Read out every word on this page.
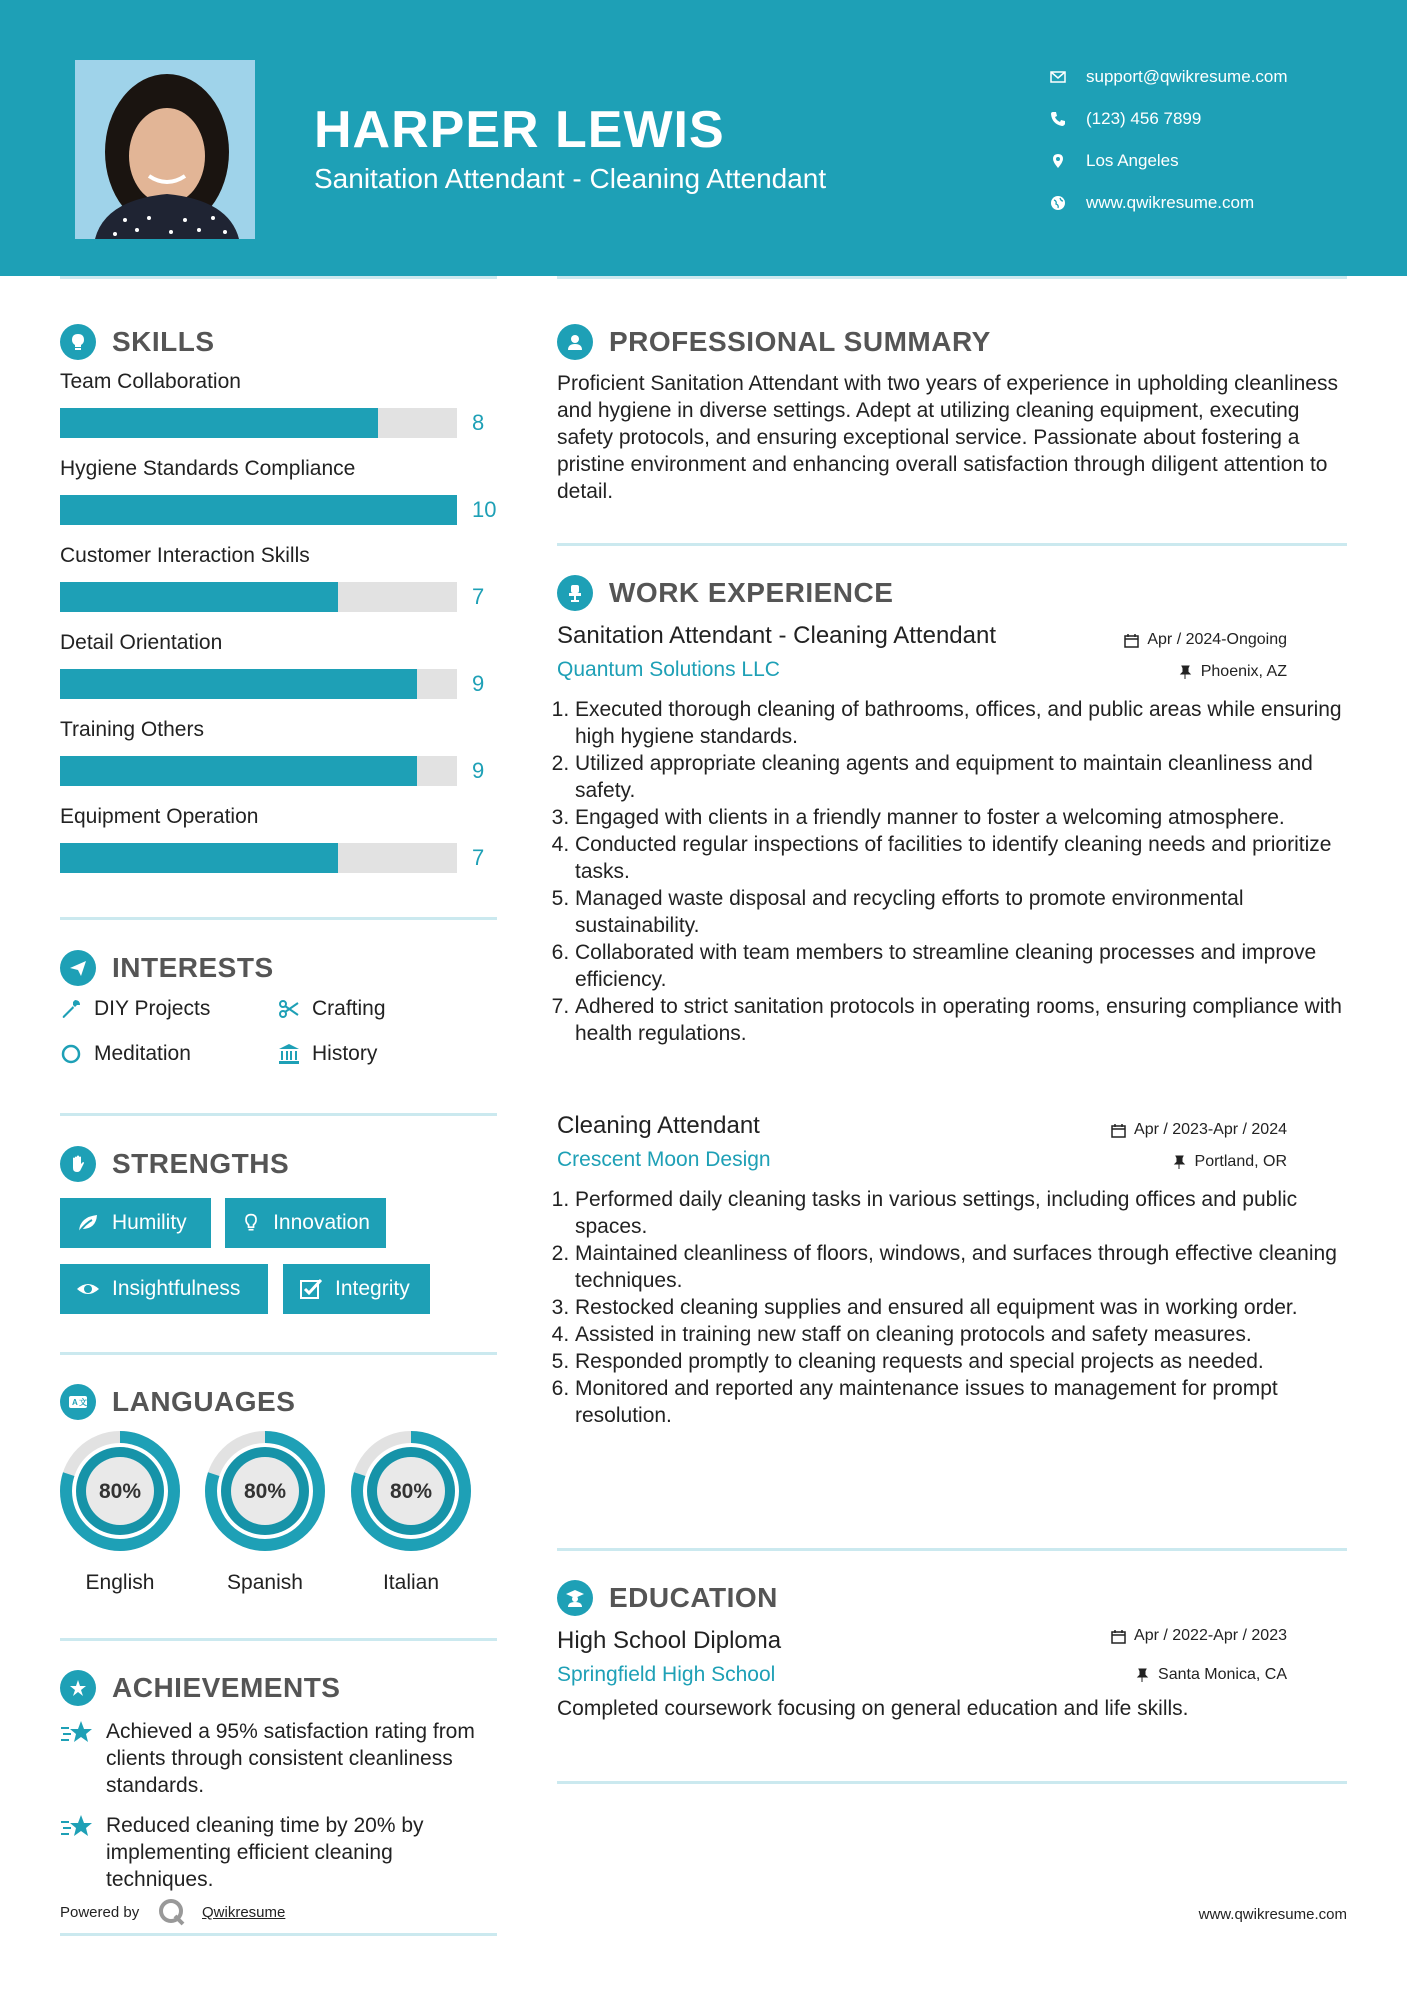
HARPER LEWIS
Sanitation Attendant - Cleaning Attendant
support@qwikresume.com
(123) 456 7899
Los Angeles
www.qwikresume.com
SKILLS
Team Collaboration
8
Hygiene Standards Compliance
10
Customer Interaction Skills
7
Detail Orientation
9
Training Others
9
Equipment Operation
7
INTERESTS
DIY Projects	Crafting
Meditation	History
STRENGTHS
Humility	Innovation
Insightfulness	Integrity
A 文 LANGUAGES
80%
English
80%
Spanish
80%
Italian
ACHIEVEMENTS
Achieved a 95% satisfaction rating from clients through consistent cleanliness standards.
Reduced cleaning time by 20% by implementing efficient cleaning techniques.
Powered by	Qwikresume
PROFESSIONAL SUMMARY
Proficient Sanitation Attendant with two years of experience in upholding cleanliness and hygiene in diverse settings. Adept at utilizing cleaning equipment, executing safety protocols, and ensuring exceptional service. Passionate about fostering a pristine environment and enhancing overall satisfaction through diligent attention to detail.
WORK EXPERIENCE
Sanitation Attendant - Cleaning Attendant	Apr / 2024-Ongoing
Quantum Solutions LLC	Phoenix, AZ
1. Executed thorough cleaning of bathrooms, offices, and public areas while ensuring high hygiene standards.
2. Utilized appropriate cleaning agents and equipment to maintain cleanliness and safety.
3. Engaged with clients in a friendly manner to foster a welcoming atmosphere.
4. Conducted regular inspections of facilities to identify cleaning needs and prioritize tasks.
5. Managed waste disposal and recycling efforts to promote environmental sustainability.
6. Collaborated with team members to streamline cleaning processes and improve efficiency.
7. Adhered to strict sanitation protocols in operating rooms, ensuring compliance with health regulations.
Cleaning Attendant	Apr / 2023-Apr / 2024
Crescent Moon Design	Portland, OR
1. Performed daily cleaning tasks in various settings, including offices and public spaces.
2. Maintained cleanliness of floors, windows, and surfaces through effective cleaning techniques.
3. Restocked cleaning supplies and ensured all equipment was in working order.
4. Assisted in training new staff on cleaning protocols and safety measures.
5. Responded promptly to cleaning requests and special projects as needed.
6. Monitored and reported any maintenance issues to management for prompt resolution.
EDUCATION
High School Diploma	Apr / 2022-Apr / 2023
Springfield High School	Santa Monica, CA
Completed coursework focusing on general education and life skills.
www.qwikresume.com
